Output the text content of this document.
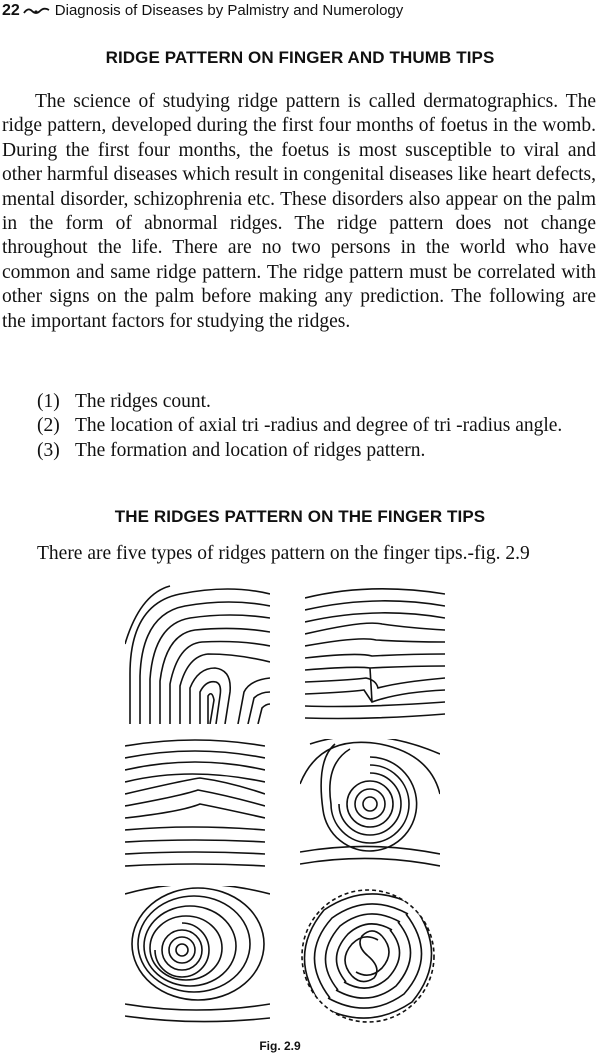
22 Diagnosis of Diseases by Palmistry and Numerology
RIDGE PATTERN ON FINGER AND THUMB TIPS

The science of studying ridge pattern is called dermatographics. The ridge pattern, developed during the first four months of foetus in the womb. During the first four months, the foetus is most susceptible to viral and other harmful diseases which result in congenital diseases like heart defects, mental disorder, schizophrenia etc. These disorders also appear on the palm in the form of abnormal ridges. The ridge pattern does not change throughout the life. There are no two persons in the world who have common and same ridge pattern. The ridge pattern must be correlated with other signs on the palm before making any prediction. The following are the important factors for studying the ridges.

(1) The ridges count.
(2) The location of axial tri -radius and degree of tri -radius angle.
(3) The formation and location of ridges pattern.
THE RIDGES PATTERN ON THE FINGER TIPS
There are five types of ridges pattern on the finger tips.-fig. 2.9
Fig. 2.9
